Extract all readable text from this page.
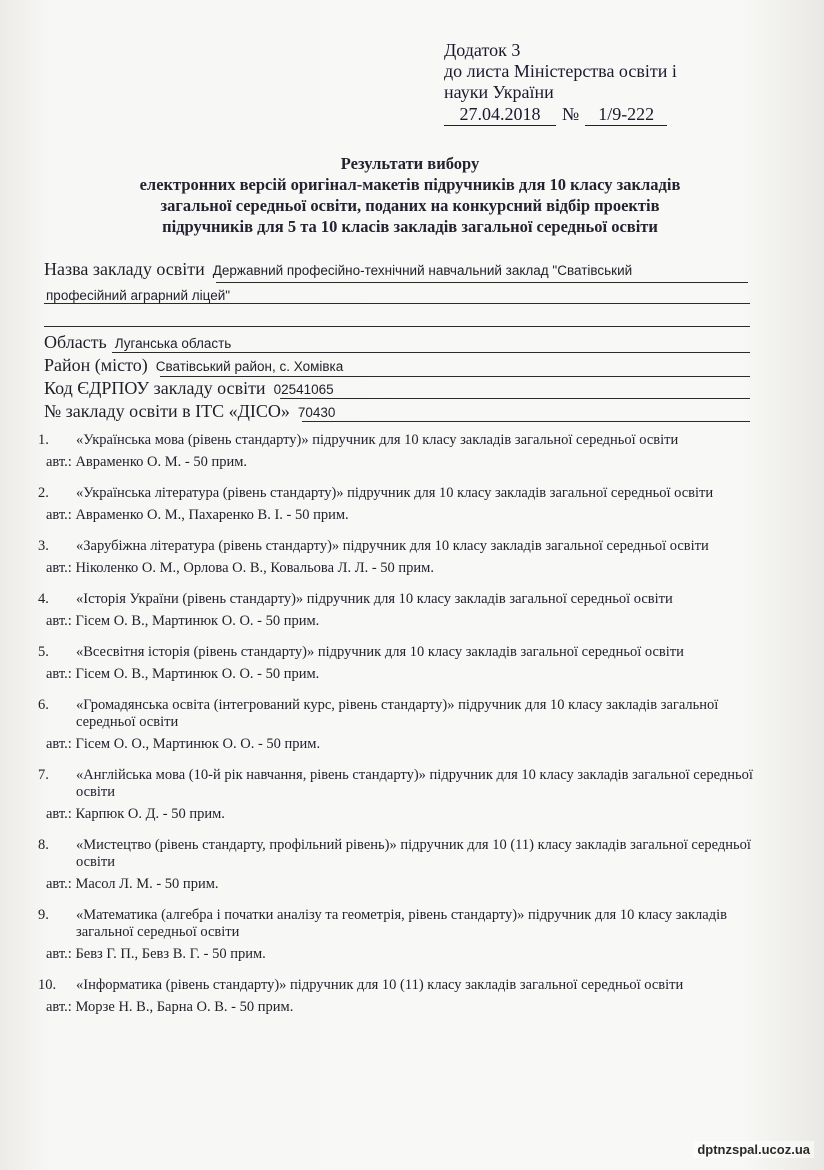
Додаток 3
до листа Міністерства освіти і
науки України
27.04.2018	№	1/9-222
Результати вибору
електронних версій оригінал-макетів підручників для 10 класу закладів
загальної середньої освіти, поданих на конкурсний відбір проектів
підручників для 5 та 10 класів закладів загальної середньої освіти
Назва закладу освіти Державний професійно-технічний навчальний заклад "Сватівський
професійний аграрний ліцей"
Область Луганська область
Район (місто) Сватівський район, с. Хомівка
Код ЄДРПОУ закладу освіти 02541065
№ закладу освіти в ІТС «ДІСО» 70430
1.	«Українська мова (рівень стандарту)» підручник для 10 класу закладів загальної середньої освіти
авт.: Авраменко О. М. - 50 прим.
2.	«Українська література (рівень стандарту)» підручник для 10 класу закладів загальної середньої освіти
авт.: Авраменко О. М., Пахаренко В. І. - 50 прим.
3.	«Зарубіжна література (рівень стандарту)» підручник для 10 класу закладів загальної середньої освіти
авт.: Ніколенко О. М., Орлова О. В., Ковальова Л. Л. - 50 прим.
4.	«Історія України (рівень стандарту)» підручник для 10 класу закладів загальної середньої освіти
авт.: Гісем О. В., Мартинюк О. О. - 50 прим.
5.	«Всесвітня історія (рівень стандарту)» підручник для 10 класу закладів загальної середньої освіти
авт.: Гісем О. В., Мартинюк О. О. - 50 прим.
6.	«Громадянська освіта (інтегрований курс, рівень стандарту)» підручник для 10 класу закладів загальної середньої освіти
авт.: Гісем О. О., Мартинюк О. О. - 50 прим.
7.	«Англійська мова (10-й рік навчання, рівень стандарту)» підручник для 10 класу закладів загальної середньої освіти
авт.: Карпюк О. Д. - 50 прим.
8.	«Мистецтво (рівень стандарту, профільний рівень)» підручник для 10 (11) класу закладів загальної середньої освіти
авт.: Масол Л. М. - 50 прим.
9.	«Математика (алгебра і початки аналізу та геометрія, рівень стандарту)» підручник для 10 класу закладів загальної середньої освіти
авт.: Бевз Г. П., Бевз В. Г. - 50 прим.
10.	«Інформатика (рівень стандарту)» підручник для 10 (11) класу закладів загальної середньої освіти
авт.: Морзе Н. В., Барна О. В. - 50 прим.
dptnzspal.ucoz.ua
